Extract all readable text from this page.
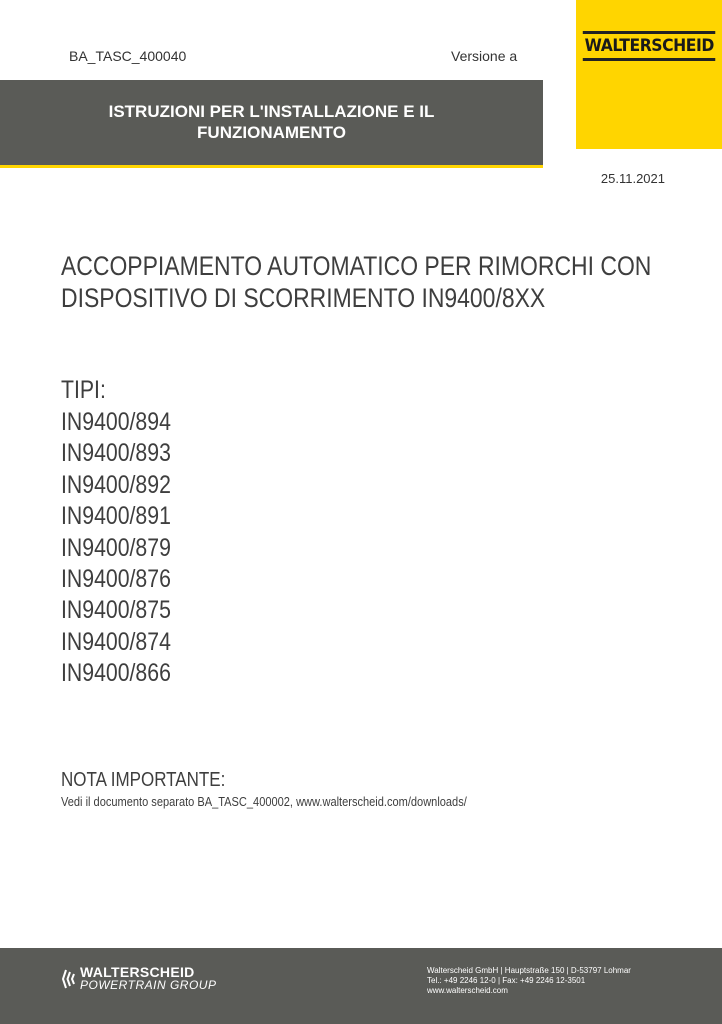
BA_TASC_400040	Versione a	WALTERSCHEID
ISTRUZIONI PER L'INSTALLAZIONE E IL
FUNZIONAMENTO
25.11.2021
ACCOPPIAMENTO AUTOMATICO PER RIMORCHI CON
DISPOSITIVO DI SCORRIMENTO IN9400/8XX
TIPI:
IN9400/894
IN9400/893
IN9400/892
IN9400/891
IN9400/879
IN9400/876
IN9400/875
IN9400/874
IN9400/866
NOTA IMPORTANTE:
Vedi il documento separato BA_TASC_400002, www.walterscheid.com/downloads/
WALTERSCHEID
POWERTRAIN GROUP
Walterscheid GmbH | Hauptstraße 150 | D-53797 Lohmar
Tel.: +49 2246 12-0 | Fax: +49 2246 12-3501
www.walterscheid.com
